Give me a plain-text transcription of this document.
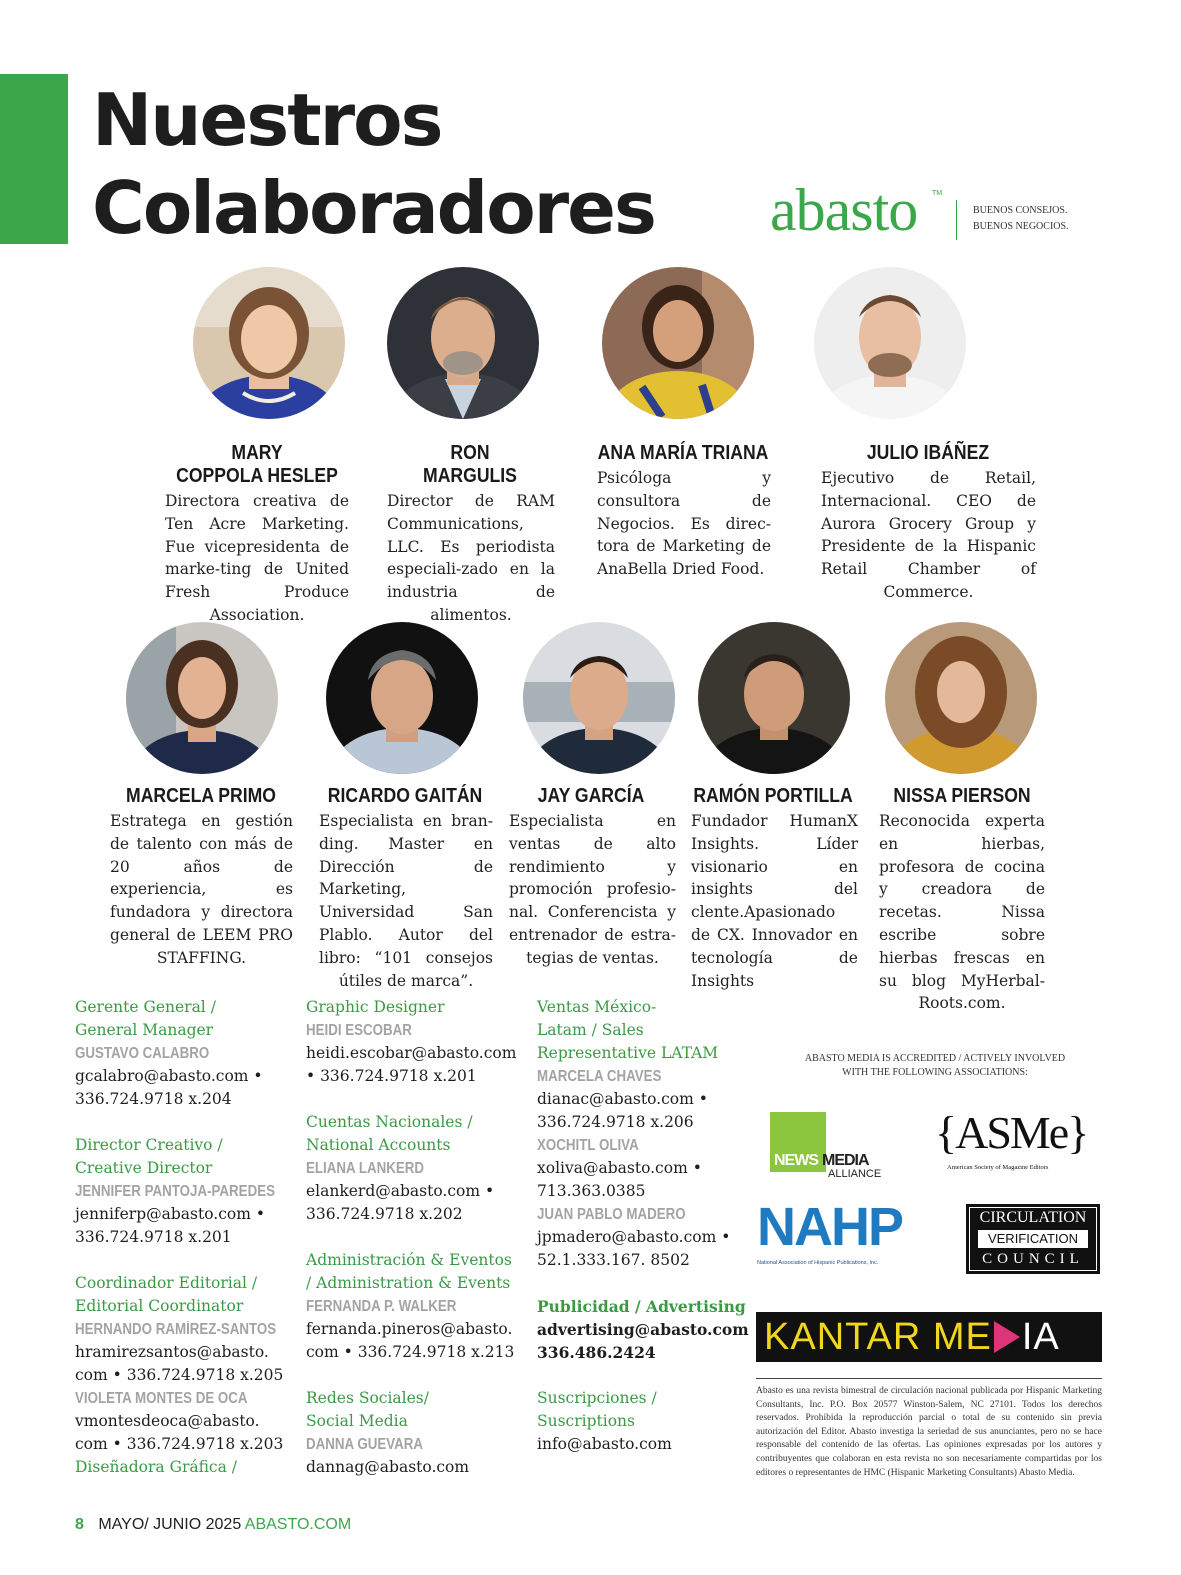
Nuestros
Colaboradores abasto TM
BUENOS CONSEJOS.
BUENOS NEGOCIOS.
MARY
COPPOLA HESLEP

Directora creativa de Ten Acre Marketing. Fue vicepresidenta de marke-ting de United Fresh Produce Association.

RON
MARGULIS

Director de RAM Communications, LLC. Es periodista especiali-zado en la industria de alimentos.

ANA MARÍA TRIANA

Psicóloga y consultora de Negocios. Es direc-tora de Marketing de AnaBella Dried Food.

JULIO IBÁÑEZ

Ejecutivo de Retail, Internacional. CEO de Aurora Grocery Group y Presidente de la Hispanic Retail Chamber of Commerce.

MARCELA PRIMO

Estratega en gestión de talento con más de 20 años de experiencia, es fundadora y directora general de LEEM PRO STAFFING.

RICARDO GAITÁN

Especialista en bran-ding. Master en Dirección de Marketing, Universidad San Plablo. Autor del libro: “101 consejos útiles de marca”.

JAY GARCÍA

Especialista en ventas de alto rendimiento y promoción profesio-nal. Conferencista y entrenador de estra-tegias de ventas.

RAMÓN PORTILLA

Fundador HumanX Insights. Líder visionario en insights del clente.Apasionado de CX. Innovador en tecnología de Insights

NISSA PIERSON

Reconocida experta en hierbas, profesora de cocina y creadora de recetas. Nissa escribe sobre hierbas frescas en su blog MyHerbal-Roots.com.

Gerente General /
General Manager
GUSTAVO CALABRO
gcalabro@abasto.com •
336.724.9718 x.204
Director Creativo /
Creative Director
JENNIFER PANTOJA-PAREDES
jenniferp@abasto.com •
336.724.9718 x.201
Coordinador Editorial /
Editorial Coordinator
HERNANDO RAMÍREZ-SANTOS
hramirezsantos@abasto.
com • 336.724.9718 x.205
VIOLETA MONTES DE OCA
vmontesdeoca@abasto.
com • 336.724.9718 x.203
Diseñadora Gráfica /
Graphic Designer
HEIDI ESCOBAR
heidi.escobar@abasto.com
• 336.724.9718 x.201
Cuentas Nacionales /
National Accounts
ELIANA LANKERD
elankerd@abasto.com •
336.724.9718 x.202
Administración & Eventos
/ Administration & Events
FERNANDA P. WALKER
fernanda.pineros@abasto.
com • 336.724.9718 x.213
Redes Sociales/
Social Media
DANNA GUEVARA
dannag@abasto.com
Ventas México-
Latam / Sales
Representative LATAM
MARCELA CHAVES
dianac@abasto.com •
336.724.9718 x.206
XOCHITL OLIVA
xoliva@abasto.com •
713.363.0385
JUAN PABLO MADERO
jpmadero@abasto.com •
52.1.333.167. 8502
Publicidad / Advertising
advertising@abasto.com
336.486.2424
Suscripciones /
Suscriptions
info@abasto.com

ABASTO MEDIA IS ACCREDITED / ACTIVELY INVOLVED
WITH THE FOLLOWING ASSOCIATIONS:

NEWS MEDIA
ALLIANCE
{ASMe}
American Society of Magazine Editors
NAHP
National Association of Hispanic Publications, Inc.
CIRCULATION
VERIFICATION
COUNCIL
KANTAR ME IA

Abasto es una revista bimestral de circulación nacional publicada por Hispanic Marketing Consultants, Inc. P.O. Box 20577 Winston-Salem, NC 27101. Todos los derechos reservados. Prohibida la reproducción parcial o total de su contenido sin previa autorización del Editor. Abasto investiga la seriedad de sus anunciantes, pero no se hace responsable del contenido de las ofertas. Las opiniones expresadas por los autores y contribuyentes que colaboran en esta revista no son necesariamente compartidas por los editores o representantes de HMC (Hispanic Marketing Consultants) Abasto Media.

8 MAYO/ JUNIO 2025 ABASTO.COM
